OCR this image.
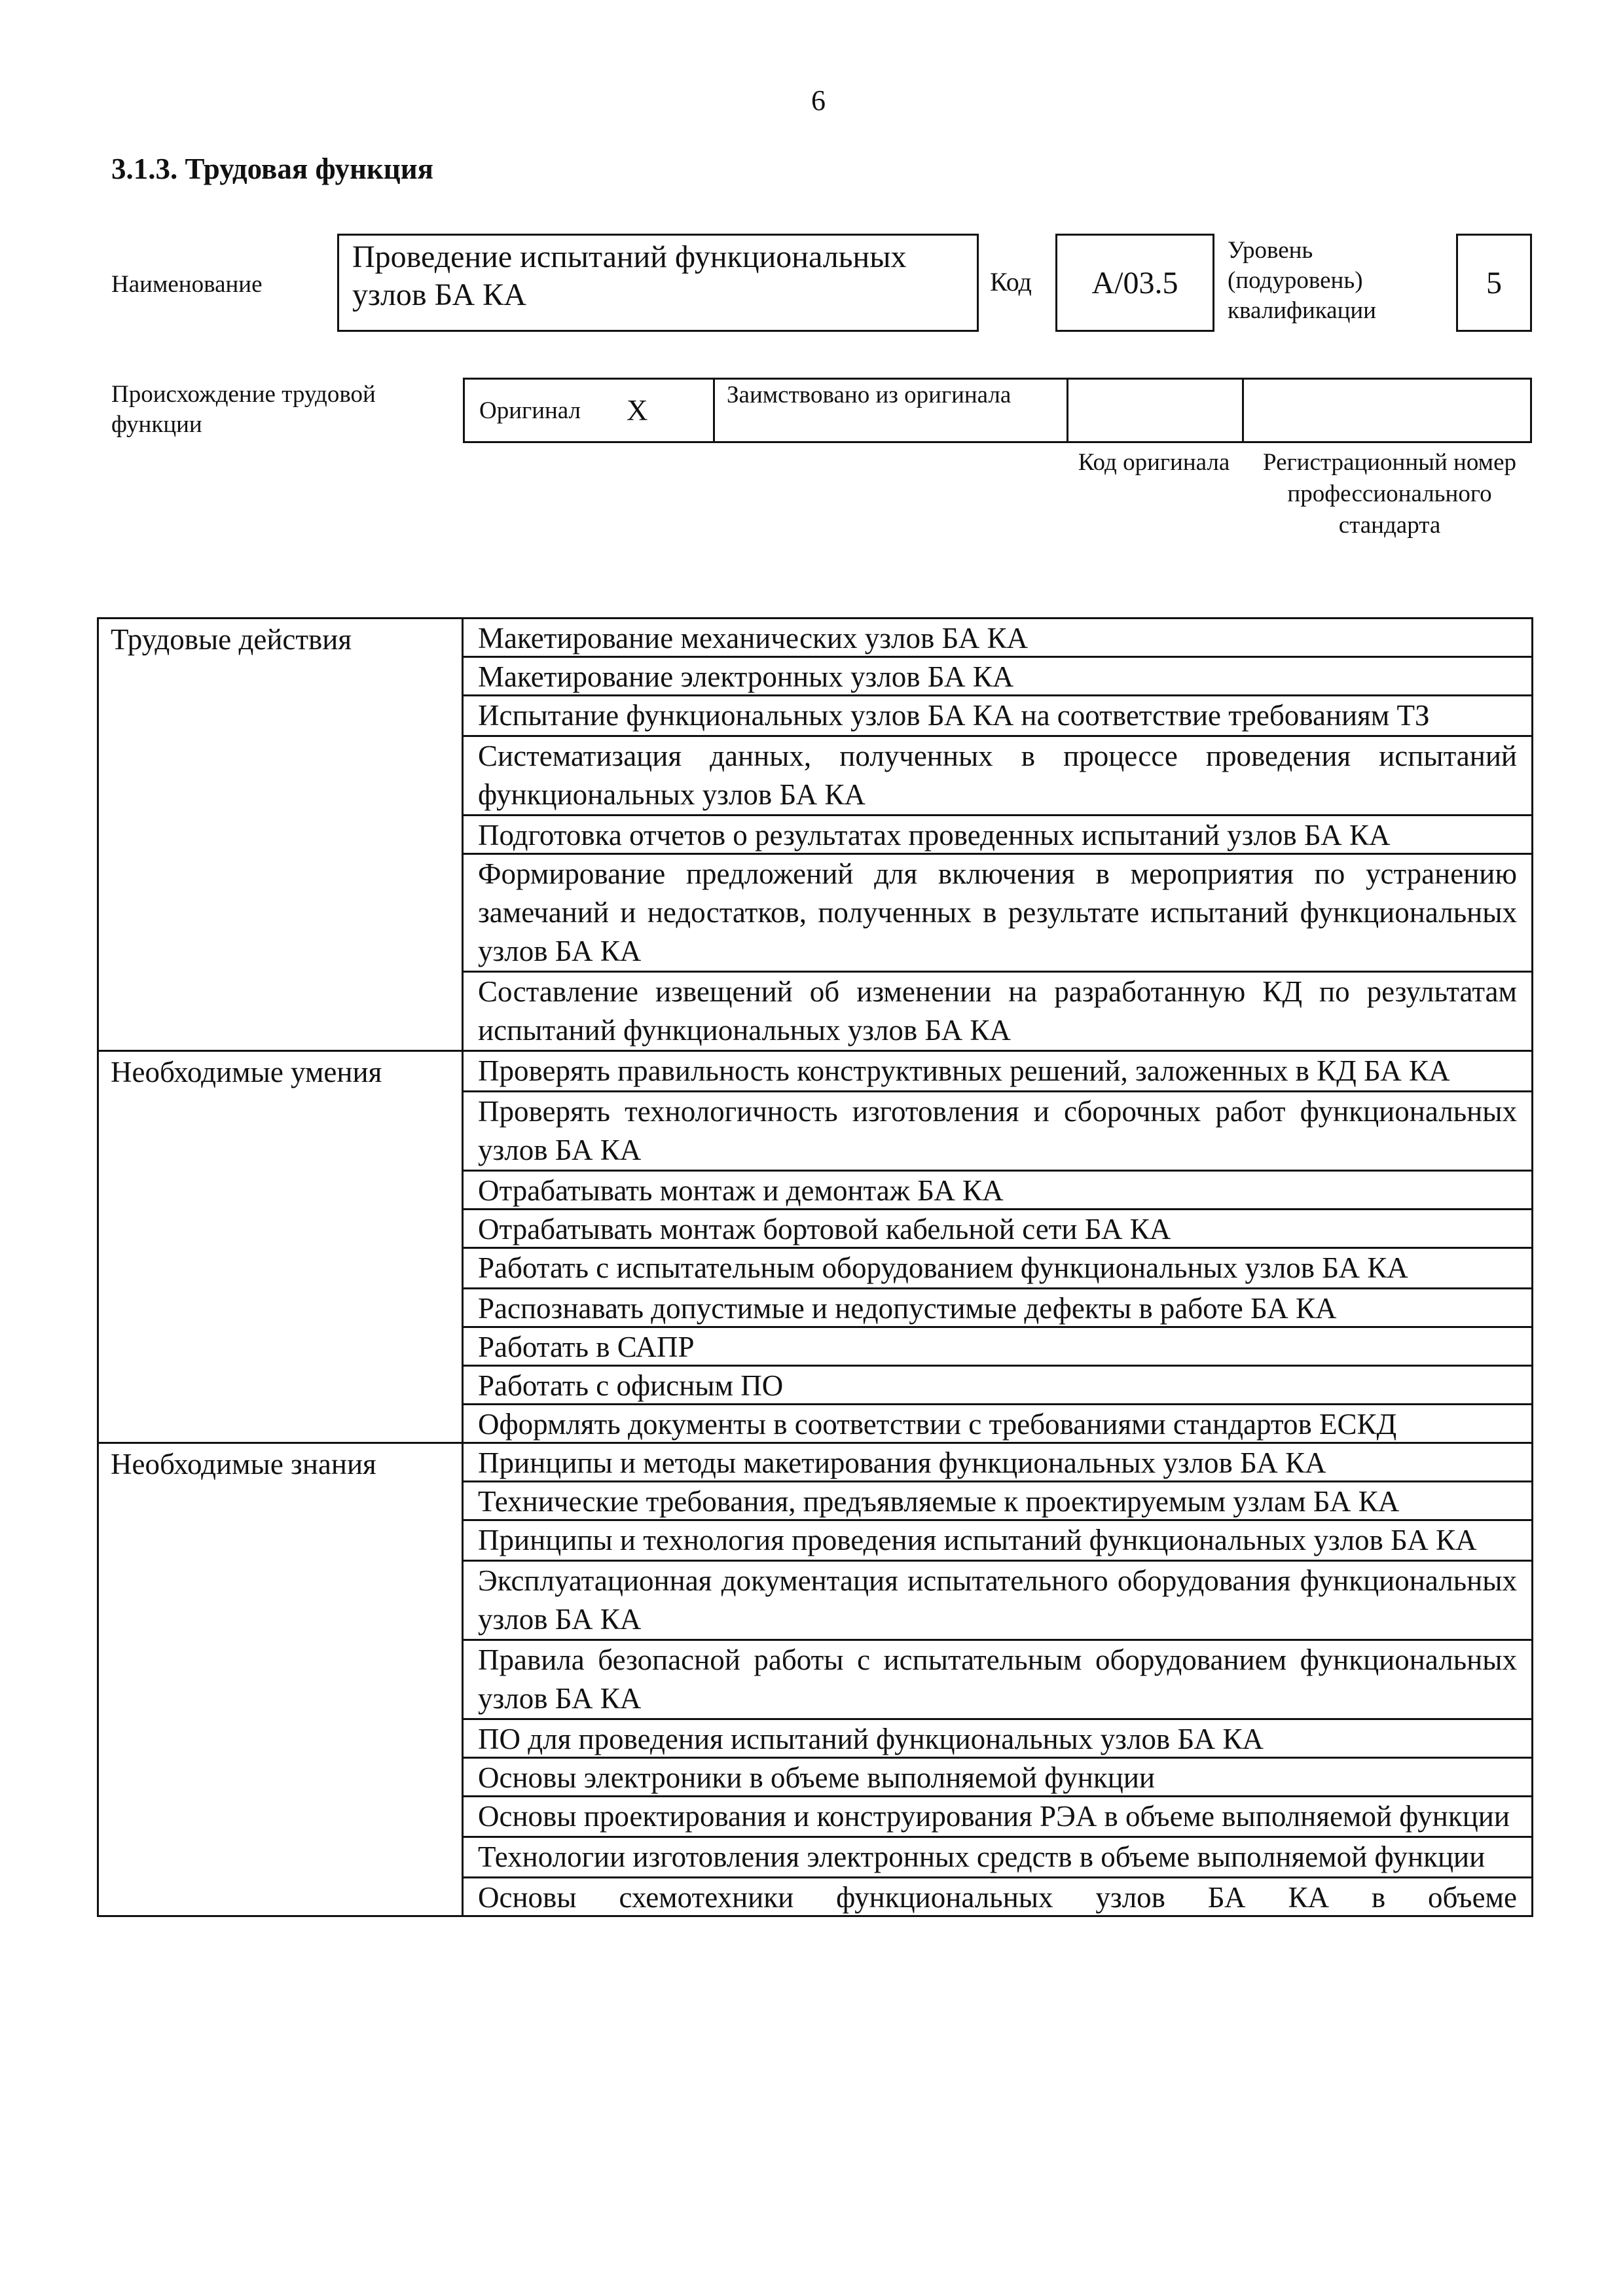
6
3.1.3. Трудовая функция
Наименование
Проведение испытаний функциональных узлов БА КА	Код	А/03.5
Уровень (подуровень) квалификации
5
Происхождение трудовой функции
Оригинал X	Заимствовано из оригинала
Код оригинала	Регистрационный номер профессионального стандарта
Трудовые действия	Макетирование механических узлов БА КА
Макетирование электронных узлов БА КА
Испытание функциональных узлов БА КА на соответствие требованиям ТЗ
Систематизация данных, полученных в процессе проведения испытаний функциональных узлов БА КА
Подготовка отчетов о результатах проведенных испытаний узлов БА КА
Формирование предложений для включения в мероприятия по устранению замечаний и недостатков, полученных в результате испытаний функциональных узлов БА КА
Составление извещений об изменении на разработанную КД по результатам испытаний функциональных узлов БА КА
Необходимые умения	Проверять правильность конструктивных решений, заложенных в КД БА КА
Проверять технологичность изготовления и сборочных работ функциональных узлов БА КА
Отрабатывать монтаж и демонтаж БА КА
Отрабатывать монтаж бортовой кабельной сети БА КА
Работать с испытательным оборудованием функциональных узлов БА КА
Распознавать допустимые и недопустимые дефекты в работе БА КА
Работать в САПР
Работать с офисным ПО
Оформлять документы в соответствии с требованиями стандартов ЕСКД
Необходимые знания	Принципы и методы макетирования функциональных узлов БА КА
Технические требования, предъявляемые к проектируемым узлам БА КА
Принципы и технология проведения испытаний функциональных узлов БА КА
Эксплуатационная документация испытательного оборудования функциональных узлов БА КА
Правила безопасной работы с испытательным оборудованием функциональных узлов БА КА
ПО для проведения испытаний функциональных узлов БА КА
Основы электроники в объеме выполняемой функции
Основы проектирования и конструирования РЭА в объеме выполняемой функции
Технологии изготовления электронных средств в объеме выполняемой функции
Основы схемотехники функциональных узлов БА КА в объеме
